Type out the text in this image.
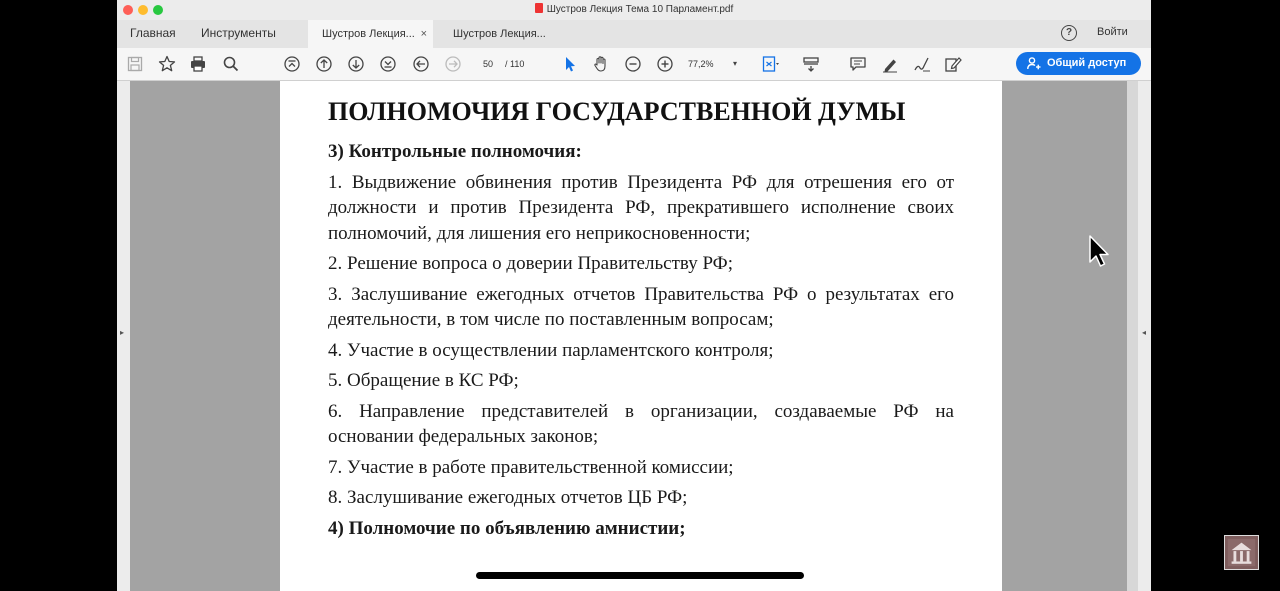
Шустров Лекция Тема 10 Парламент.pdf
Главная Инструменты	Шустров Лекция... ×	Шустров Лекция...	?	Войти
50	/ 110	77,2% ▾	Общий доступ
▸
ПОЛНОМОЧИЯ ГОСУДАРСТВЕННОЙ ДУМЫ

3) Контрольные полномочия:

1. Выдвижение обвинения против Президента РФ для отрешения его от должности и против Президента РФ, прекратившего исполнение своих полномочий, для лишения его неприкосновенности;

2. Решение вопроса о доверии Правительству РФ;

3. Заслушивание ежегодных отчетов Правительства РФ о результатах его деятельности, в том числе по поставленным вопросам;

4. Участие в осуществлении парламентского контроля;

5. Обращение в КС РФ;

6. Направление представителей в организации, создаваемые РФ на основании федеральных законов;

7. Участие в работе правительственной комиссии;

8. Заслушивание ежегодных отчетов ЦБ РФ;

4) Полномочие по объявлению амнистии;

◂
